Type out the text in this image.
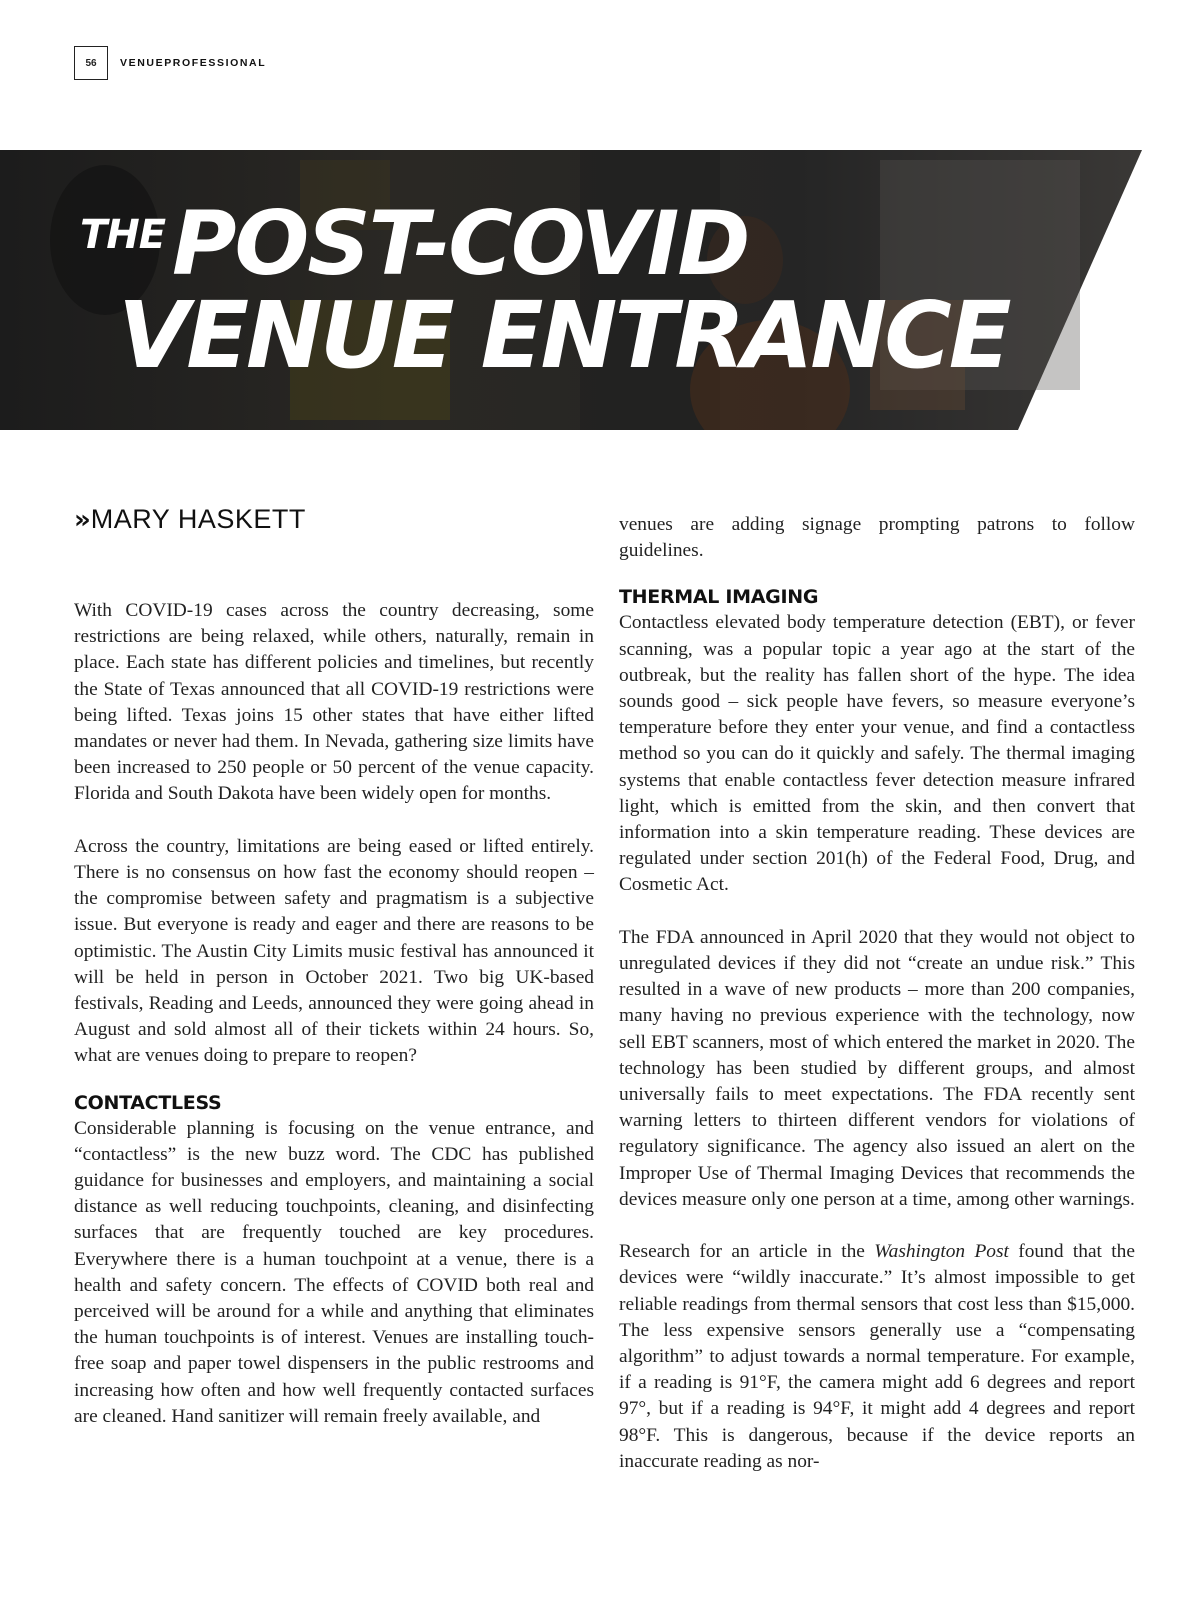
56	VENUEPROFESSIONAL
THE POST-COVID
VENUE ENTRANCE
» MARY HASKETT

With COVID-19 cases across the country decreasing, some restrictions are being relaxed, while others, naturally, remain in place. Each state has different policies and timelines, but recently the State of Texas announced that all COVID-19 restrictions were being lifted. Texas joins 15 other states that have either lifted mandates or never had them. In Nevada, gathering size limits have been increased to 250 people or 50 percent of the venue capacity. Florida and South Dakota have been widely open for months.

Across the country, limitations are being eased or lifted entirely. There is no consensus on how fast the economy should reopen – the compromise between safety and pragmatism is a subjective issue. But everyone is ready and eager and there are reasons to be optimistic. The Austin City Limits music festival has announced it will be held in person in October 2021. Two big UK-based festivals, Reading and Leeds, announced they were going ahead in August and sold almost all of their tickets within 24 hours. So, what are venues doing to prepare to reopen?

CONTACTLESS

Considerable planning is focusing on the venue entrance, and “contactless” is the new buzz word. The CDC has published guidance for businesses and employers, and maintaining a social distance as well reducing touchpoints, cleaning, and disinfecting surfaces that are frequently touched are key procedures. Everywhere there is a human touchpoint at a venue, there is a health and safety concern. The effects of COVID both real and perceived will be around for a while and anything that eliminates the human touchpoints is of interest. Venues are installing touch-free soap and paper towel dispensers in the public restrooms and increasing how often and how well frequently contacted surfaces are cleaned. Hand sanitizer will remain freely available, and

venues are adding signage prompting patrons to follow guidelines.

THERMAL IMAGING

Contactless elevated body temperature detection (EBT), or fever scanning, was a popular topic a year ago at the start of the outbreak, but the reality has fallen short of the hype. The idea sounds good – sick people have fevers, so measure everyone’s temperature before they enter your venue, and find a contactless method so you can do it quickly and safely. The thermal imaging systems that enable contactless fever detection measure infrared light, which is emitted from the skin, and then convert that information into a skin temperature reading. These devices are regulated under section 201(h) of the Federal Food, Drug, and Cosmetic Act.

The FDA announced in April 2020 that they would not object to unregulated devices if they did not “create an undue risk.” This resulted in a wave of new products – more than 200 companies, many having no previous experience with the technology, now sell EBT scanners, most of which entered the market in 2020. The technology has been studied by different groups, and almost universally fails to meet expectations. The FDA recently sent warning letters to thirteen different vendors for violations of regulatory significance. The agency also issued an alert on the Improper Use of Thermal Imaging Devices that recommends the devices measure only one person at a time, among other warnings.

Research for an article in the Washington Post found that the devices were “wildly inaccurate.” It’s almost impossible to get reliable readings from thermal sensors that cost less than $15,000. The less expensive sensors generally use a “compensating algorithm” to adjust towards a normal temperature. For example, if a reading is 91°F, the camera might add 6 degrees and report 97°, but if a reading is 94°F, it might add 4 degrees and report 98°F. This is dangerous, because if the device reports an inaccurate reading as nor-
